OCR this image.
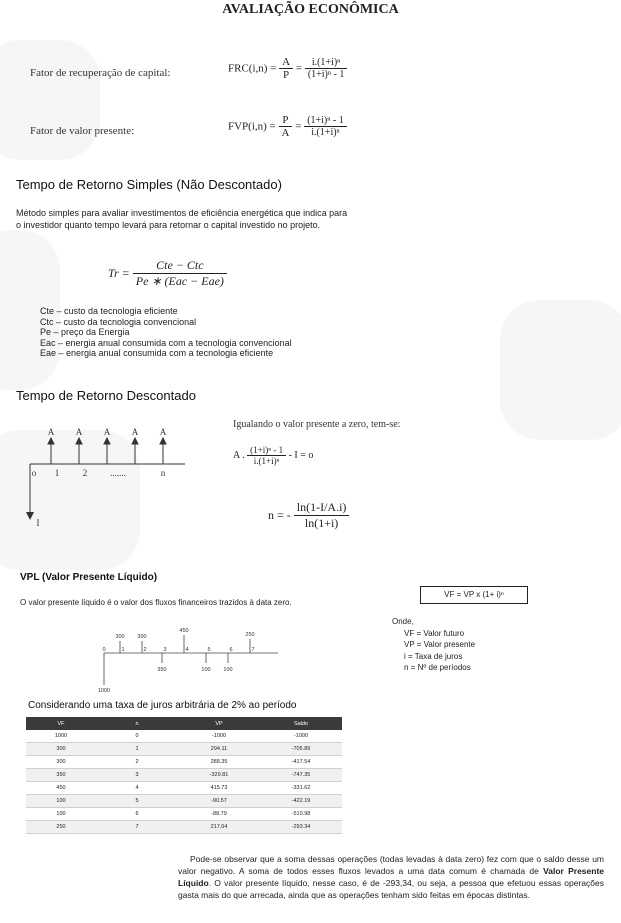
AVALIAÇÃO ECONÔMICA
Fator de recuperação de capital:	$FRC(i,n) = \frac{A}{P} = \frac{\text{i.(1+i)ⁿ}}{\text{(1+i)ⁿ - 1}}$
Fator de valor presente:	$FVP(i,n) = \frac{P}{A} = \frac{\text{(1+i)ⁿ - 1}}{\text{i.(1+i)ⁿ}}$
Tempo de Retorno Simples (Não Descontado)
Método simples para avaliar investimentos de eficiência energética que indica para
o investidor quanto tempo levará para retornar o capital investido no projeto.
$Tr = \frac{\text{Cte − Ctc}}{\text{Pe ∗ (Eac − Eae)}}$
Cte – custo da tecnologia eficiente
Ctc – custo da tecnologia convencional
Pe – preço da Energia
Eac – energia anual consumida com a tecnologia convencional
Eae – energia anual consumida com a tecnologia eficiente
Tempo de Retorno Descontado
A A A A A
o 1	2	.......	n
I
Igualando o valor presente a zero, tem-se:
A . $\frac{\text{(1+i)ⁿ - 1}}{\text{i.(1+i)ⁿ}} - I = o$
n = - $\frac{\ln(1-I/A.i)}{\ln(1+i)}$
VPL (Valor Presente Líquido)
O valor presente líquido é o valor dos fluxos financeiros trazidos à data zero.
VF = VP x (1+ i)ⁿ
Onde,
VF = Valor futuro
VP = Valor presente
i = Taxa de juros
n = Nº de períodos
0	1	2	3	4	5	6	7
300 300
450
250
350	100 100
1000
Considerando uma taxa de juros arbitrária de 2% ao período
VF	n	VP	Saldo
1000	0	-1000	-1000
300	1	294.11	-705.89
300	2	288.35	-417.54
350	3	-329.81	-747.35
450	4	415.73	-331.62
100	5	-90.57	-422.19
100	6	-88.79	-510.98
250	7	217.64	-293.34
Pode-se observar que a soma dessas operações (todas levadas à data zero) fez com que o saldo desse um valor negativo. A soma de todos esses fluxos levados a uma data comum é chamada de Valor Presente Líquido. O valor presente líquido, nesse caso, é de -293,34, ou seja, a pessoa que efetuou essas operações gasta mais do que arrecada, ainda que as operações tenham sido feitas em épocas distintas.
